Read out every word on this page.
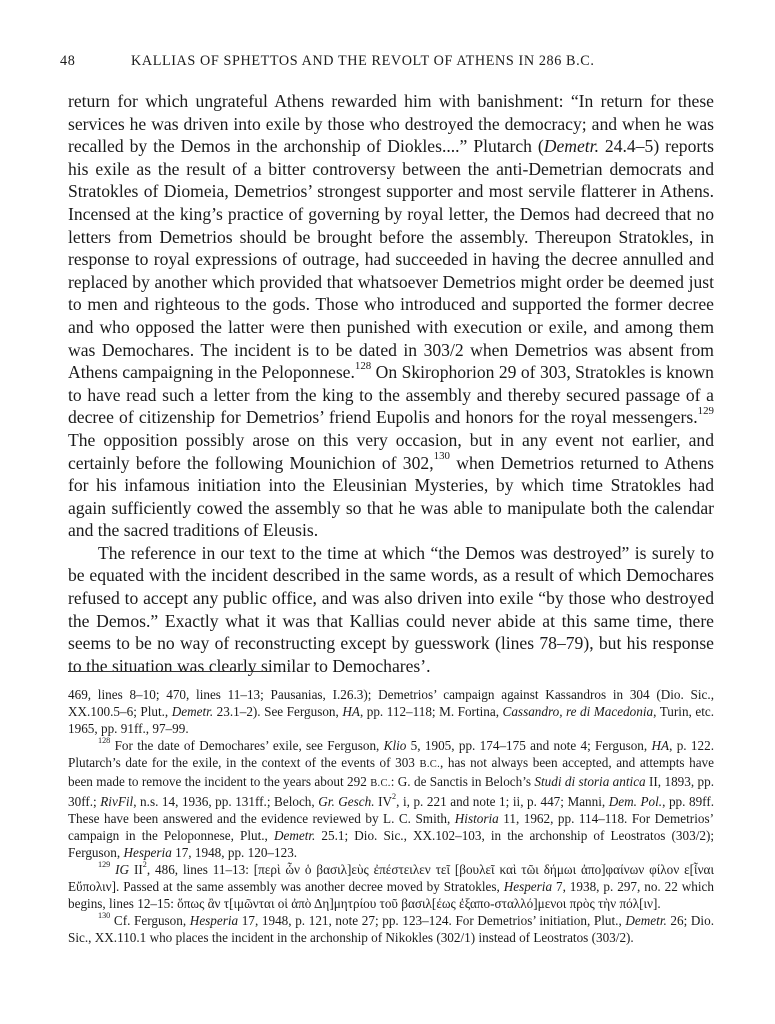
48	KALLIAS OF SPHETTOS AND THE REVOLT OF ATHENS IN 286 B.C.

return for which ungrateful Athens rewarded him with banishment: “In return for these services he was driven into exile by those who destroyed the democracy; and when he was recalled by the Demos in the archonship of Diokles....” Plutarch (Demetr. 24.4–5) reports his exile as the result of a bitter controversy between the anti-Demetrian democrats and Stratokles of Diomeia, Demetrios’ strongest supporter and most servile flatterer in Athens. Incensed at the king’s practice of governing by royal letter, the Demos had decreed that no letters from Demetrios should be brought before the assembly. Thereupon Stratokles, in response to royal expressions of outrage, had succeeded in having the decree annulled and replaced by another which provided that whatsoever Demetrios might order be deemed just to men and righteous to the gods. Those who introduced and supported the former decree and who opposed the latter were then punished with execution or exile, and among them was Demochares. The incident is to be dated in 303/2 when Demetrios was absent from Athens campaigning in the Peloponnese.$^{128}$ On Skirophorion 29 of 303, Stratokles is known to have read such a letter from the king to the assembly and thereby secured passage of a decree of citizenship for Demetrios’ friend Eupolis and honors for the royal messengers.$^{129}$ The opposition possibly arose on this very occasion, but in any event not earlier, and certainly before the following Mounichion of 302,$^{130}$ when Demetrios returned to Athens for his infamous initiation into the Eleusinian Mysteries, by which time Stratokles had again sufficiently cowed the assembly so that he was able to manipulate both the calendar and the sacred traditions of Eleusis.

The reference in our text to the time at which “the Demos was destroyed” is surely to be equated with the incident described in the same words, as a result of which Demochares refused to accept any public office, and was also driven into exile “by those who destroyed the Demos.” Exactly what it was that Kallias could never abide at this same time, there seems to be no way of reconstructing except by guesswork (lines 78–79), but his response to the situation was clearly similar to Demochares’.

469, lines 8–10; 470, lines 11–13; Pausanias, I.26.3); Demetrios’ campaign against Kassandros in 304 (Dio. Sic., XX.100.5–6; Plut., Demetr. 23.1–2). See Ferguson, HA, pp. 112–118; M. Fortina, Cassandro, re di Macedonia, Turin, etc. 1965, pp. 91ff., 97–99.

$^{128}$ For the date of Demochares’ exile, see Ferguson, Klio 5, 1905, pp. 174–175 and note 4; Ferguson, HA, p. 122. Plutarch’s date for the exile, in the context of the events of 303 B.C., has not always been accepted, and attempts have been made to remove the incident to the years about 292 B.C.: G. de Sanctis in Beloch’s Studi di storia antica II, 1893, pp. 30ff.; RivFil, n.s. 14, 1936, pp. 131ff.; Beloch, Gr. Gesch. $IV^2$, i, p. 221 and note 1; ii, p. 447; Manni, Dem. Pol., pp. 89ff. These have been answered and the evidence reviewed by L. C. Smith, Historia 11, 1962, pp. 114–118. For Demetrios’ campaign in the Peloponnese, Plut., Demetr. 25.1; Dio. Sic., XX.102–103, in the archonship of Leostratos (303/2); Ferguson, Hesperia 17, 1948, pp. 120–123.

$^{129}$ IG $II^2$, 486, lines 11–13: [περὶ ὧν ὁ βασιλ]εὺς ἐπέστειλεν τεῖ [βουλεῖ καὶ τῶι δήμωι ἀπο]φαίνων φίλον ε[ἶναι Εὔπολιν]. Passed at the same assembly was another decree moved by Stratokles, Hesperia 7, 1938, p. 297, no. 22 which begins, lines 12–15: ὅπως ἂν τ[ιμῶνται οἱ ἀπὸ Δη]μητρίου τοῦ βασιλ[έως ἐξαπο-σταλλό]μενοι πρὸς τὴν πόλ[ιν].

$^{130}$ Cf. Ferguson, Hesperia 17, 1948, p. 121, note 27; pp. 123–124. For Demetrios’ initiation, Plut., Demetr. 26; Dio. Sic., XX.110.1 who places the incident in the archonship of Nikokles (302/1) instead of Leostratos (303/2).
